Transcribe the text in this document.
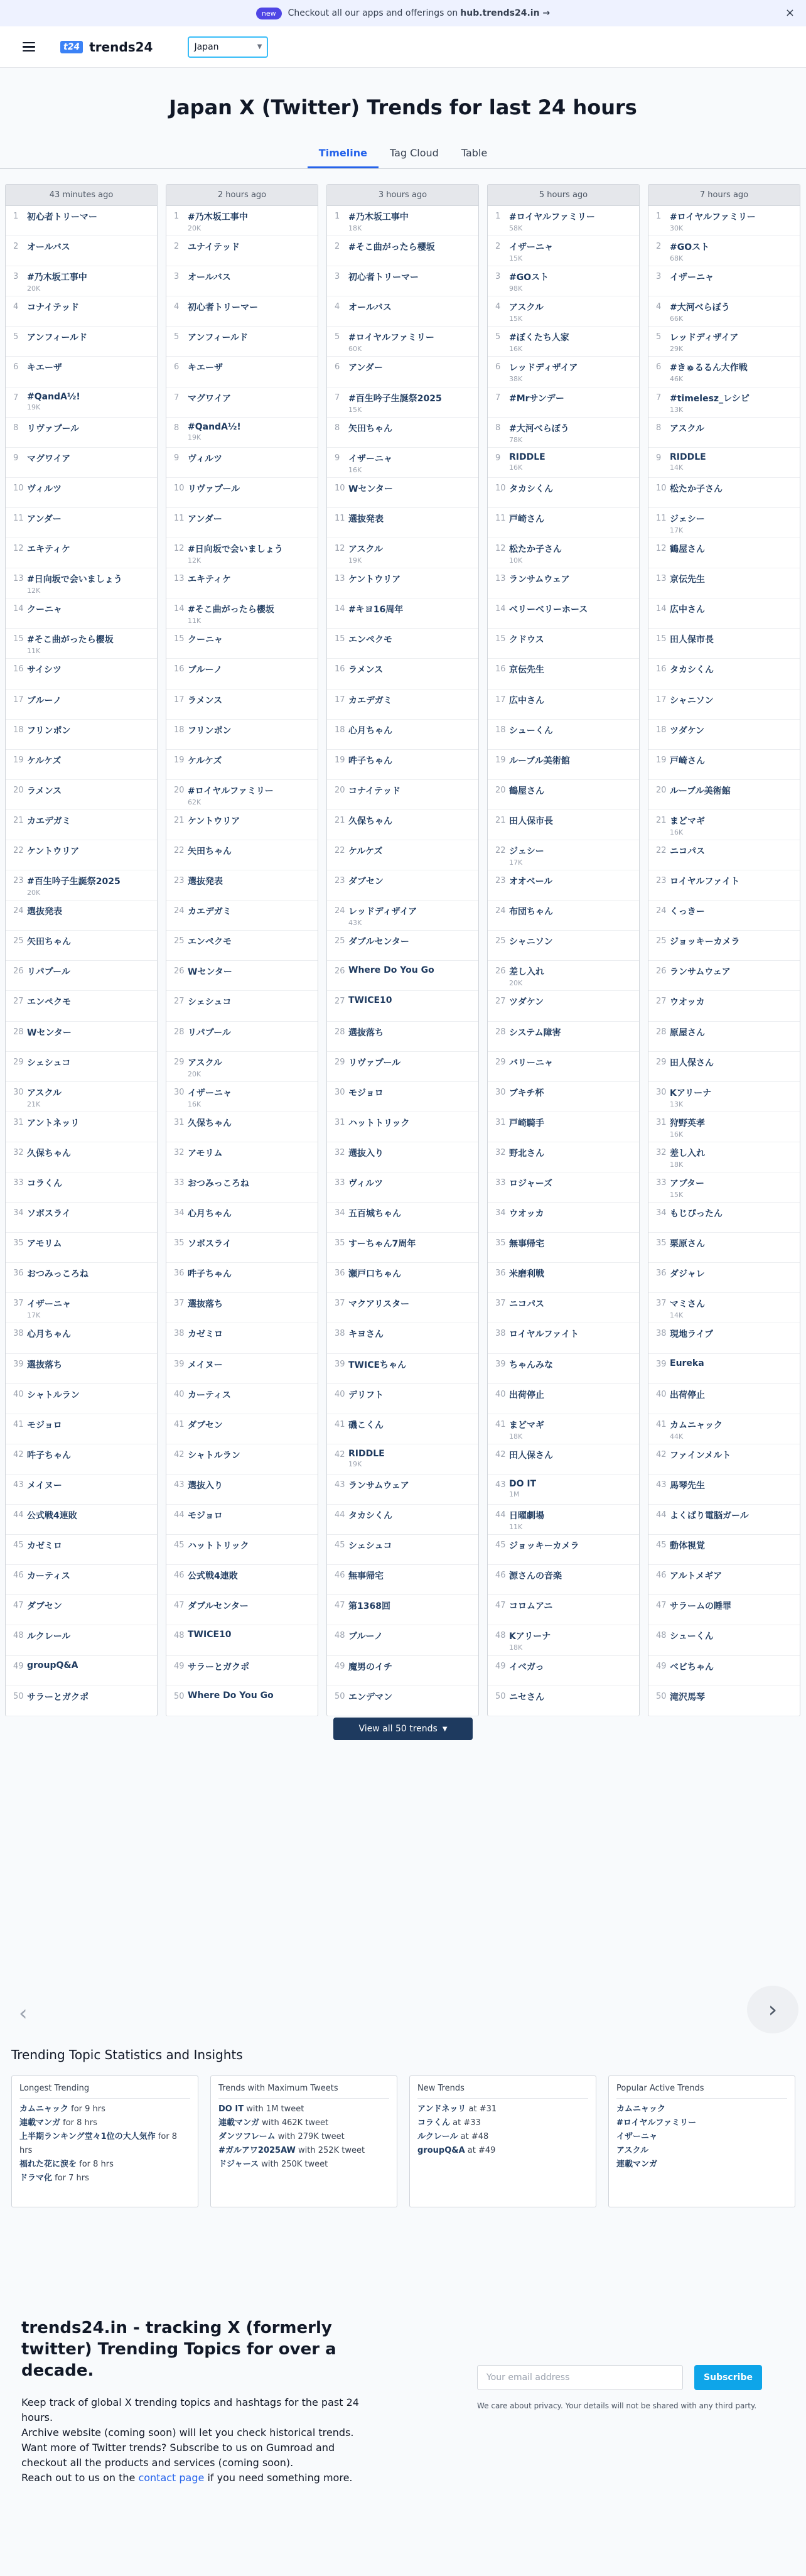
new	Checkout all our apps and offerings on hub.trends24.in →	×
t24 trends24	Japan	▼
Japan X (Twitter) Trends for last 24 hours
Timeline	Tag Cloud	Table
43 minutes ago
1 初心者トリーマー
2 オールバス
3 #乃木坂工事中
20K
4 コナイテッド
5 アンフィールド
6 キエーザ
7 #QandA½!
19K
8 リヴァプール
9 マグワイア
10 ヴィルツ
11 アンダー
12 エキティケ
13 #日向坂で会いましょう
12K
14 クーニャ
15 #そこ曲がったら櫻坂
11K
16 サイシツ
17 ブルーノ
18 フリンポン
19 ケルケズ
20 ラメンス
21 カエデガミ
22 ケントウリア
23 #百生吟子生誕祭2025
20K
24 選抜発表
25 矢田ちゃん
26 リパプール
27 エンペクモ
28 Wセンター
29 シェシュコ
30 アスクル
21K
31 アントネッリ
32 久保ちゃん
33 コラくん
34 ソボスライ
35 アモリム
36 おつみっころね
37 イザーニャ
17K
38 心月ちゃん
39 選抜落ち
40 シャトルラン
41 モジョロ
42 吽子ちゃん
43 メイヌー
44 公式戦4連敗
45 カゼミロ
46 カーティス
47 ダブセン
48 ルクレール
49 groupQ&A
50 サラーとガクポ
2 hours ago
1 #乃木坂工事中
20K
2 ユナイテッド
3 オールバス
4 初心者トリーマー
5 アンフィールド
6 キエーザ
7 マグワイア
8 #QandA½!
19K
9 ヴィルツ
10 リヴァプール
11 アンダー
12 #日向坂で会いましょう
12K
13 エキティケ
14 #そこ曲がったら櫻坂
11K
15 クーニャ
16 ブルーノ
17 ラメンス
18 フリンポン
19 ケルケズ
20 #ロイヤルファミリー
62K
21 ケントウリア
22 矢田ちゃん
23 選抜発表
24 カエデガミ
25 エンペクモ
26 Wセンター
27 シェシュコ
28 リパプール
29 アスクル
20K
30 イザーニャ
16K
31 久保ちゃん
32 アモリム
33 おつみっころね
34 心月ちゃん
35 ソボスライ
36 吽子ちゃん
37 選抜落ち
38 カゼミロ
39 メイヌー
40 カーティス
41 ダブセン
42 シャトルラン
43 選抜入り
44 モジョロ
45 ハットトリック
46 公式戦4連敗
47 ダブルセンター
48 TWICE10
49 サラーとガクポ
50 Where Do You Go
3 hours ago
1 #乃木坂工事中
18K
2 #そこ曲がったら櫻坂
3 初心者トリーマー
4 オールバス
5 #ロイヤルファミリー
60K
6 アンダー
7 #百生吟子生誕祭2025
15K
8 矢田ちゃん
9 イザーニャ
16K
10 Wセンター
11 選抜発表
12 アスクル
19K
13 ケントウリア
14 #キヨ16周年
15 エンペクモ
16 ラメンス
17 カエデガミ
18 心月ちゃん
19 吽子ちゃん
20 コナイテッド
21 久保ちゃん
22 ケルケズ
23 ダブセン
24 レッドディザイア
43K
25 ダブルセンター
26 Where Do You Go
27 TWICE10
28 選抜落ち
29 リヴァプール
30 モジョロ
31 ハットトリック
32 選抜入り
33 ヴィルツ
34 五百城ちゃん
35 すーちゃん7周年
36 瀬戸口ちゃん
37 マクアリスター
38 キヨさん
39 TWICEちゃん
40 デリフト
41 磯こくん
42 RIDDLE
19K
43 ランサムウェア
44 タカシくん
45 シェシュコ
46 無事帰宅
47 第1368回
48 ブルーノ
49 魔男のイチ
50 エンデマン
5 hours ago
1 #ロイヤルファミリー
58K
2 イザーニャ
15K
3 #GOスト
98K
4 アスクル
15K
5 #ぼくたち人家
16K
6 レッドディザイア
38K
7 #Mrサンデー
8 #大河べらぼう
78K
9 RIDDLE
16K
10 タカシくん
11 戸崎さん
12 松たか子さん
10K
13 ランサムウェア
14 ベリーベリーホース
15 クドウス
16 京伝先生
17 広中さん
18 シューくん
19 ルーブル美術館
20 鶴屋さん
21 田人保市長
22 ジェシー
17K
23 オオベール
24 布団ちゃん
25 シャニソン
26 差し入れ
20K
27 ツダケン
28 システム障害
29 バリーニャ
30 ブキチ杯
31 戸崎騎手
32 野北さん
33 ロジャーズ
34 ウオッカ
35 無事帰宅
36 米磨利戦
37 ニコパス
38 ロイヤルファイト
39 ちゃんみな
40 出荷停止
41 まどマギ
18K
42 田人保さん
43 DO IT
1M
44 日曜劇場
11K
45 ジョッキーカメラ
46 源さんの音楽
47 コロムアニ
48 Kアリーナ
18K
49 イベガっ
50 ニセさん
7 hours ago
1 #ロイヤルファミリー
30K
2 #GOスト
68K
3 イザーニャ
4 #大河べらぼう
66K
5 レッドディザイア
29K
6 #きゅるるん大作戦
46K
7 #timelesz_レシピ
13K
8 アスクル
9 RIDDLE
14K
10 松たか子さん
11 ジェシー
17K
12 鶴屋さん
13 京伝先生
14 広中さん
15 田人保市長
16 タカシくん
17 シャニソン
18 ツダケン
19 戸崎さん
20 ルーブル美術館
21 まどマギ
16K
22 ニコパス
23 ロイヤルファイト
24 くっきー
25 ジョッキーカメラ
26 ランサムウェア
27 ウオッカ
28 原屋さん
29 田人保さん
30 Kアリーナ
13K
31 狩野英孝
16K
32 差し入れ
18K
33 アブター
15K
34 もじぴったん
35 栗原さん
36 ダジャレ
37 マミさん
14K
38 現地ライブ
39 Eureka
40 出荷停止
41 カムニャック
44K
42 ファインメルト
43 馬琴先生
44 よくばり電脳ガール
45 動体視覚
46 アルトメギア
47 サラームの睡罪
48 シューくん
49 ベビちゃん
50 滝沢馬琴
View all 50 trends ▼
‹	›
Trending Topic Statistics and Insights
Longest Trending
カムニャック for 9 hrs
連載マンガ for 8 hrs
上半期ランキング堂々1位の大人気作 for 8 hrs
福れた花に涙を for 8 hrs
ドラマ化 for 7 hrs
Trends with Maximum Tweets
DO IT with 1M tweet
連載マンガ with 462K tweet
ダンツフレーム with 279K tweet
#ガルアワ2025AW with 252K tweet
ドジャース with 250K tweet
New Trends
アンドネッリ at #31
コラくん at #33
ルクレール at #48
groupQ&A at #49
Popular Active Trends
カムニャック
#ロイヤルファミリー
イザーニャ
アスクル
連載マンガ
trends24.in - tracking X (formerly twitter) Trending Topics for over a decade.

Keep track of global X trending topics and hashtags for the past 24 hours.

Archive website (coming soon) will let you check historical trends.

Want more of Twitter trends? Subscribe to us on Gumroad and checkout all the products and services (coming soon).

Reach out to us on the contact page if you need something more.

Your email address	Subscribe
We care about privacy. Your details will not be shared with any third party.
